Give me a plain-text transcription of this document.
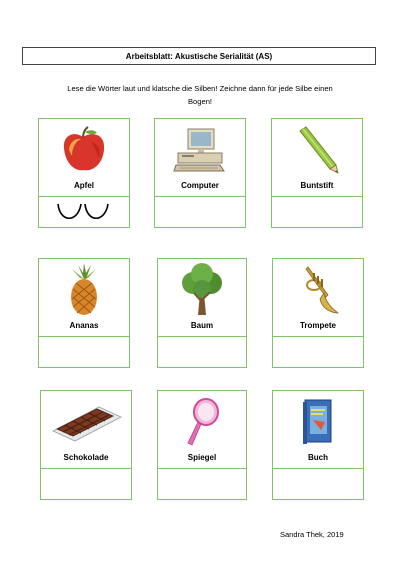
Arbeitsblatt: Akustische Serialität (AS)
Lese die Wörter laut und klatsche die Silben! Zeichne dann für jede Silbe einen
Bogen!
Apfel	Computer	Buntstift
Ananas	Baum	Trompete
Schokolade	Spiegel	Buch
Sandra Thek, 2019
